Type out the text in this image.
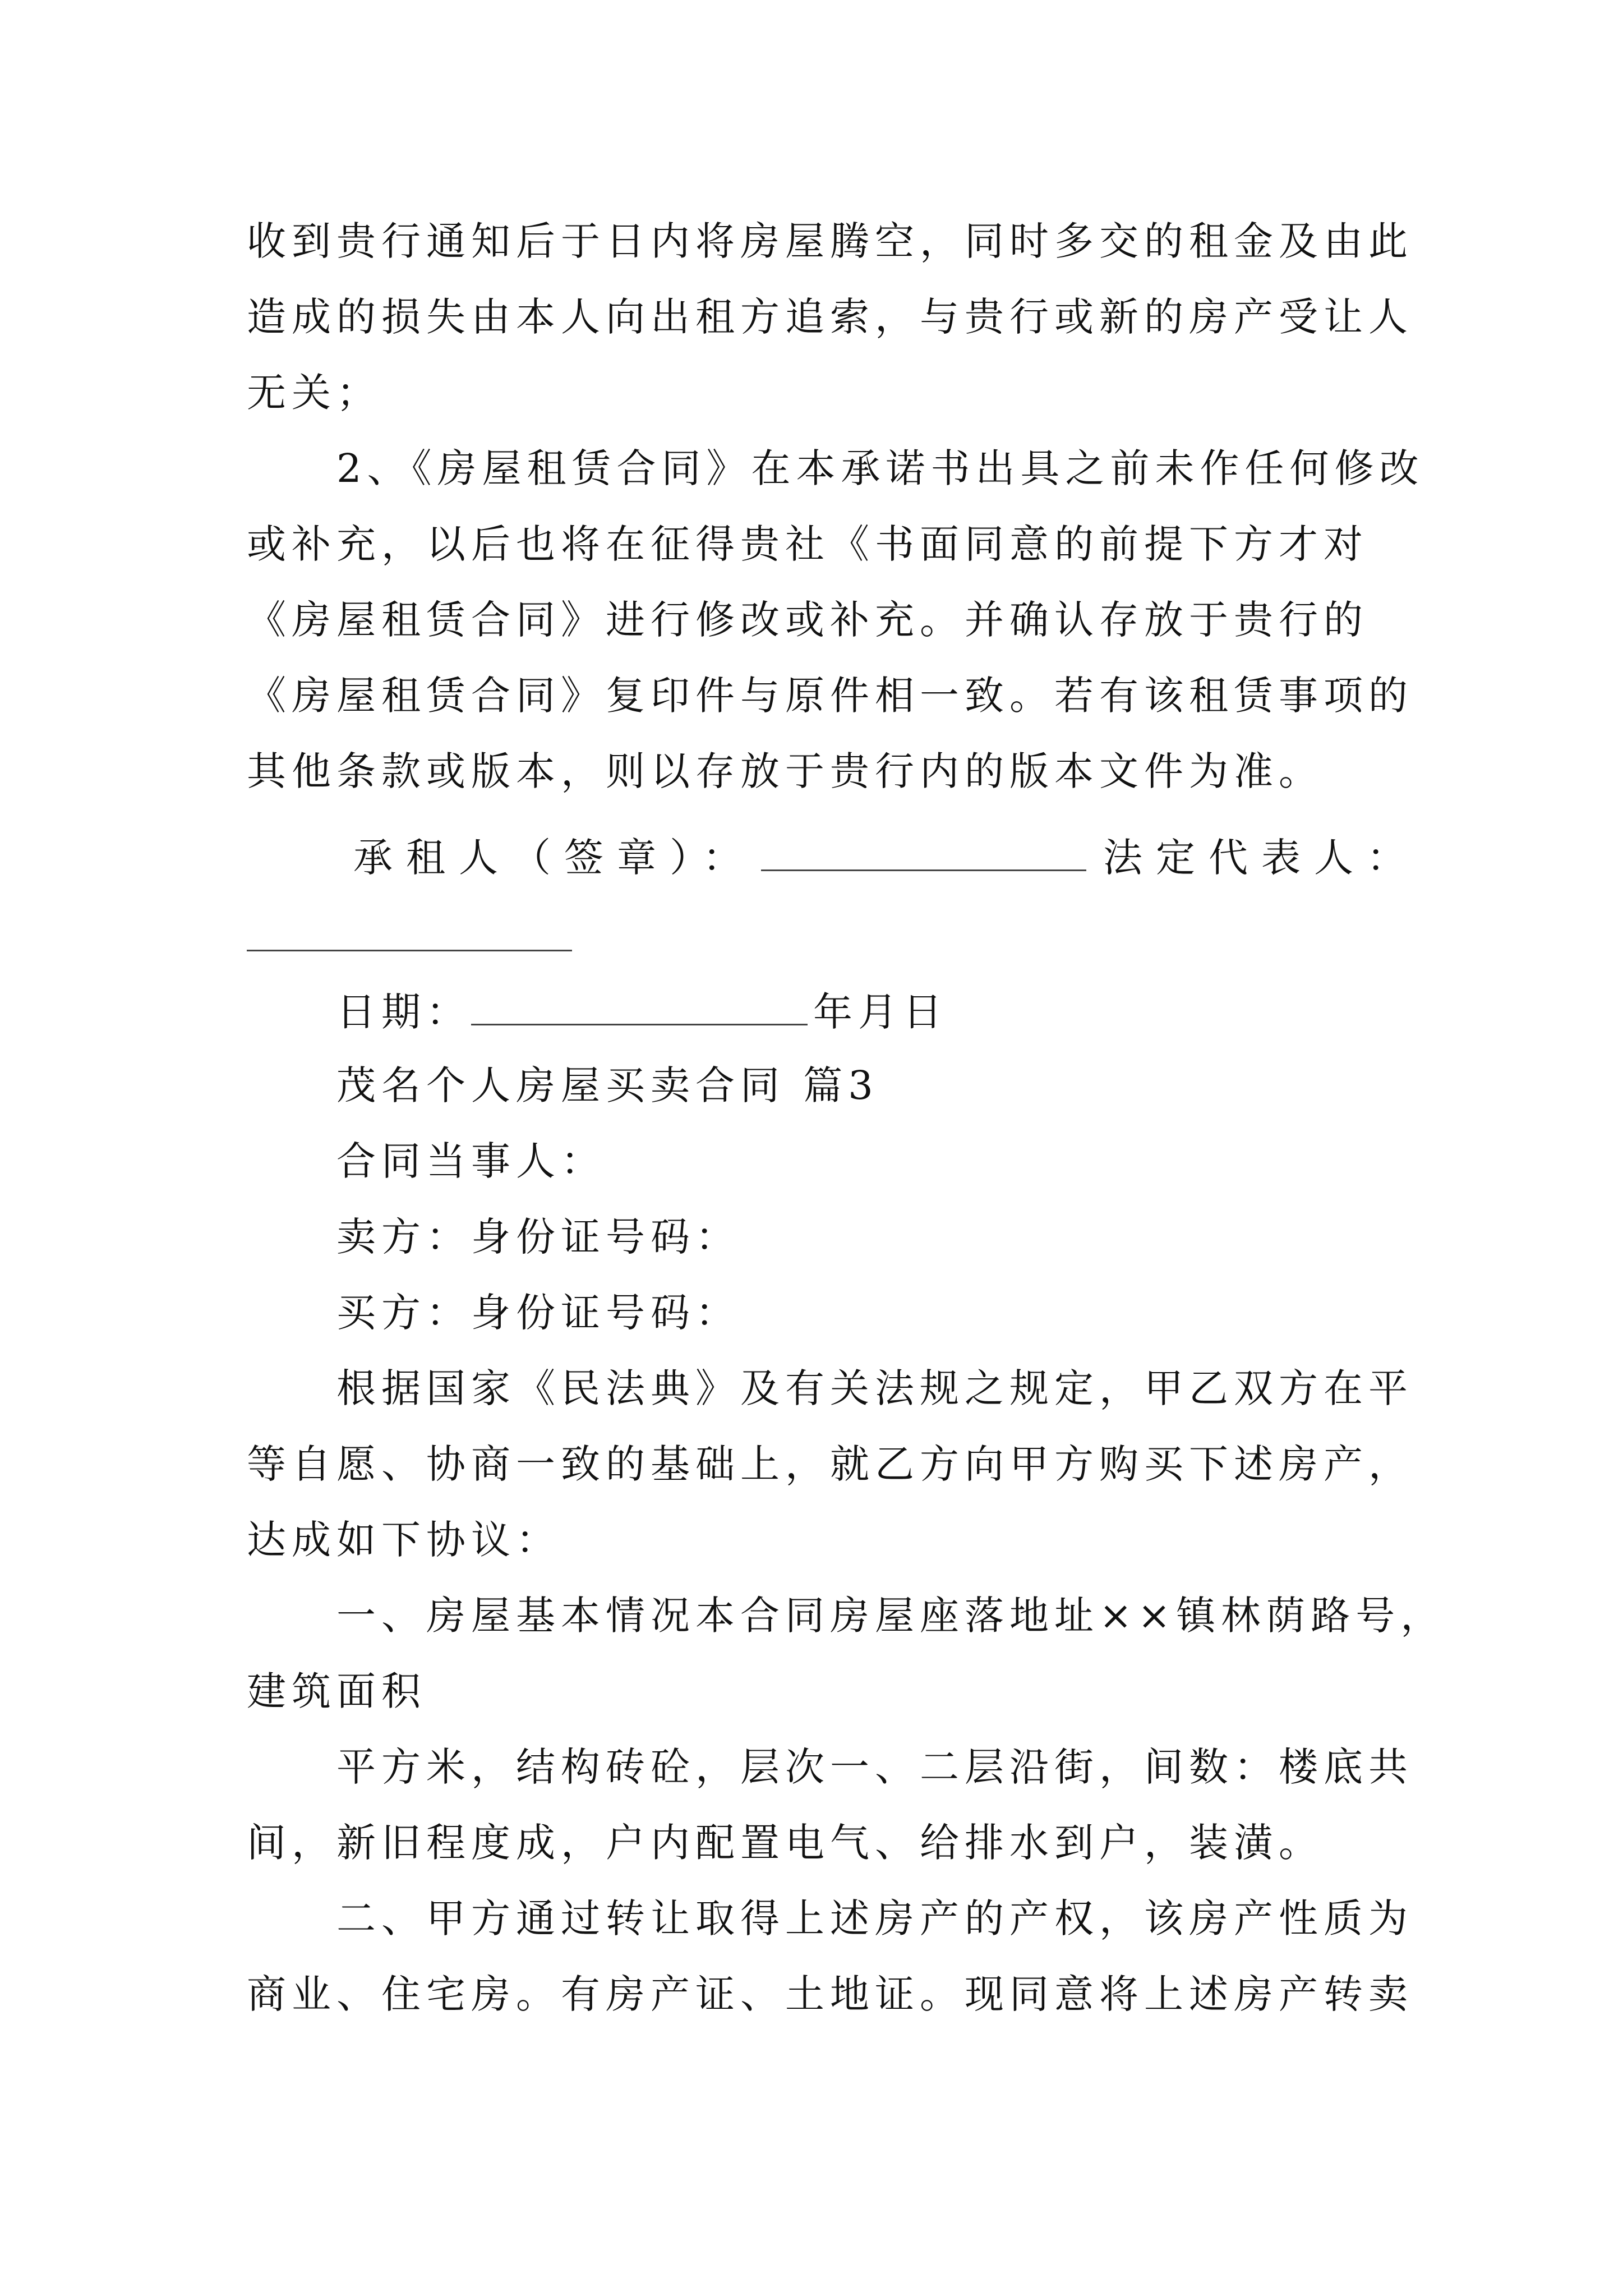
收到贵行通知后于日内将房屋腾空，同时多交的租金及由此
造成的损失由本人向出租方追索，与贵行或新的房产受让人
无关；
2、《房屋租赁合同》在本承诺书出具之前未作任何修改
或补充，以后也将在征得贵社《书面同意的前提下方才对
《房屋租赁合同》进行修改或补充。并确认存放于贵行的
《房屋租赁合同》复印件与原件相一致。若有该租赁事项的
其他条款或版本，则以存放于贵行内的版本文件为准。
承租人（签章）：	法定代表人：
日期：	年月日
茂名个人房屋买卖合同 篇3
合同当事人：
卖方：身份证号码：
买方：身份证号码：
根据国家《民法典》及有关法规之规定，甲乙双方在平
等自愿、协商一致的基础上，就乙方向甲方购买下述房产，
达成如下协议：
一、房屋基本情况本合同房屋座落地址××镇林荫路号，
建筑面积
平方米，结构砖砼，层次一、二层沿街，间数：楼底共
间，新旧程度成，户内配置电气、给排水到户，装潢。
二、甲方通过转让取得上述房产的产权，该房产性质为
商业、住宅房。有房产证、土地证。现同意将上述房产转卖
